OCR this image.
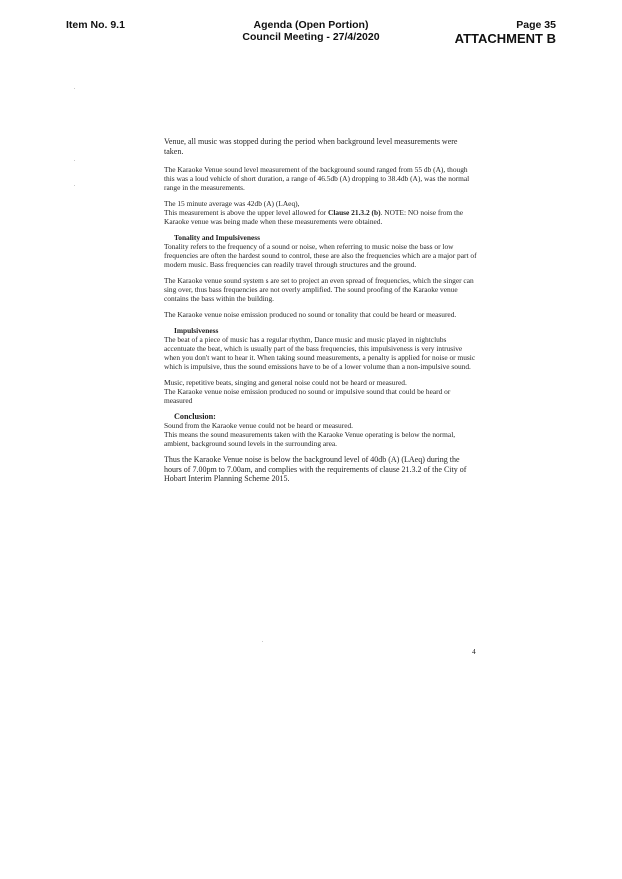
Item No. 9.1	Agenda (Open Portion)
Council Meeting - 27/4/2020
Page 35
ATTACHMENT B

Venue, all music was stopped during the period when background level measurements were taken.

The Karaoke Venue sound level measurement of the background sound ranged from 55 db (A), though this was a loud vehicle of short duration, a range of 46.5db (A) dropping to 38.4db (A), was the normal range in the measurements.

The 15 minute average was 42db (A) (LAeq),
This measurement is above the upper level allowed for Clause 21.3.2 (b). NOTE: NO noise from the Karaoke venue was being made when these measurements were obtained.

Tonality and Impulsiveness

Tonality refers to the frequency of a sound or noise, when referring to music noise the bass or low frequencies are often the hardest sound to control, these are also the frequencies which are a major part of modern music. Bass frequencies can readily travel through structures and the ground.

The Karaoke venue sound system s are set to project an even spread of frequencies, which the singer can sing over, thus bass frequencies are not overly amplified. The sound proofing of the Karaoke venue contains the bass within the building.

The Karaoke venue noise emission produced no sound or tonality that could be heard or measured.

Impulsiveness

The beat of a piece of music has a regular rhythm, Dance music and music played in nightclubs accentuate the beat, which is usually part of the bass frequencies, this impulsiveness is very intrusive when you don't want to hear it. When taking sound measurements, a penalty is applied for noise or music which is impulsive, thus the sound emissions have to be of a lower volume than a non-impulsive sound.

Music, repetitive beats, singing and general noise could not be heard or measured.
The Karaoke venue noise emission produced no sound or impulsive sound that could be heard or measured

Conclusion:

Sound from the Karaoke venue could not be heard or measured.
This means the sound measurements taken with the Karaoke Venue operating is below the normal, ambient, background sound levels in the surrounding area.

Thus the Karaoke Venue noise is below the background level of 40db (A) (LAeq) during the hours of 7.00pm to 7.00am, and complies with the requirements of clause 21.3.2 of the City of Hobart Interim Planning Scheme 2015.

4
